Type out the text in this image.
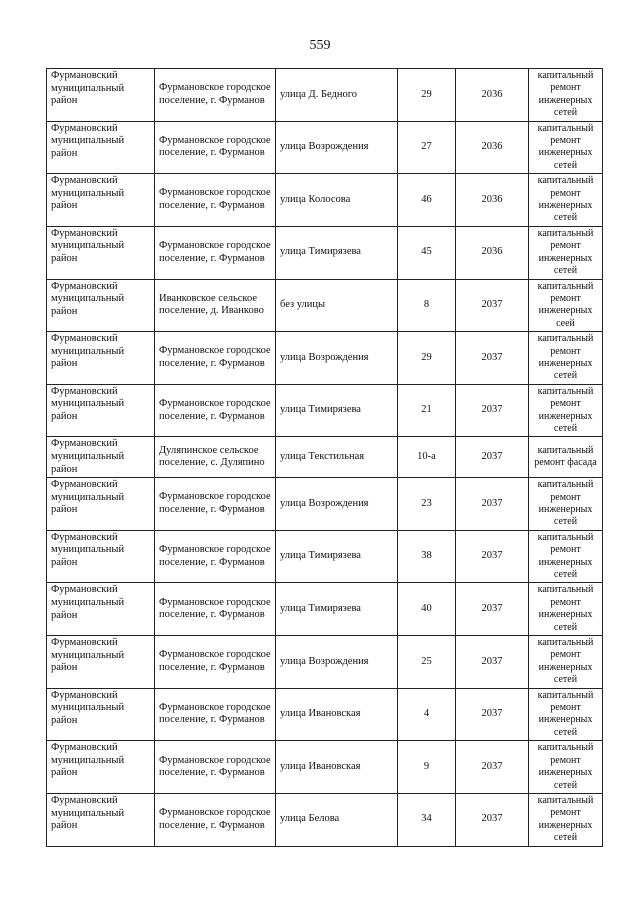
559
Фурмановский муниципальный район	Фурмановское городское поселение, г. Фурманов	улица Д. Бедного	29	2036	капитальный ремонт инженерных сетей
Фурмановский муниципальный район	Фурмановское городское поселение, г. Фурманов	улица Возрождения	27	2036	капитальный ремонт инженерных сетей
Фурмановский муниципальный район	Фурмановское городское поселение, г. Фурманов	улица Колосова	46	2036	капитальный ремонт инженерных сетей
Фурмановский муниципальный район	Фурмановское городское поселение, г. Фурманов	улица Тимирязева	45	2036	капитальный ремонт инженерных сетей
Фурмановский муниципальный район	Иванковское сельское поселение, д. Иванково	без улицы	8	2037	капитальный ремонт инженерных сеей
Фурмановский муниципальный район	Фурмановское городское поселение, г. Фурманов	улица Возрождения	29	2037	капитальный ремонт инженерных сетей
Фурмановский муниципальный район	Фурмановское городское поселение, г. Фурманов	улица Тимирязева	21	2037	капитальный ремонт инженерных сетей
Фурмановский муниципальный район	Дуляпинское сельское поселение, с. Дуляпино	улица Текстильная	10-а	2037	капитальный ремонт фасада
Фурмановский муниципальный район	Фурмановское городское поселение, г. Фурманов	улица Возрождения	23	2037	капитальный ремонт инженерных сетей
Фурмановский муниципальный район	Фурмановское городское поселение, г. Фурманов	улица Тимирязева	38	2037	капитальный ремонт инженерных сетей
Фурмановский муниципальный район	Фурмановское городское поселение, г. Фурманов	улица Тимирязева	40	2037	капитальный ремонт инженерных сетей
Фурмановский муниципальный район	Фурмановское городское поселение, г. Фурманов	улица Возрождения	25	2037	капитальный ремонт инженерных сетей
Фурмановский муниципальный район	Фурмановское городское поселение, г. Фурманов	улица Ивановская	4	2037	капитальный ремонт инженерных сетей
Фурмановский муниципальный район	Фурмановское городское поселение, г. Фурманов	улица Ивановская	9	2037	капитальный ремонт инженерных сетей
Фурмановский муниципальный район	Фурмановское городское поселение, г. Фурманов	улица Белова	34	2037	капитальный ремонт инженерных сетей
